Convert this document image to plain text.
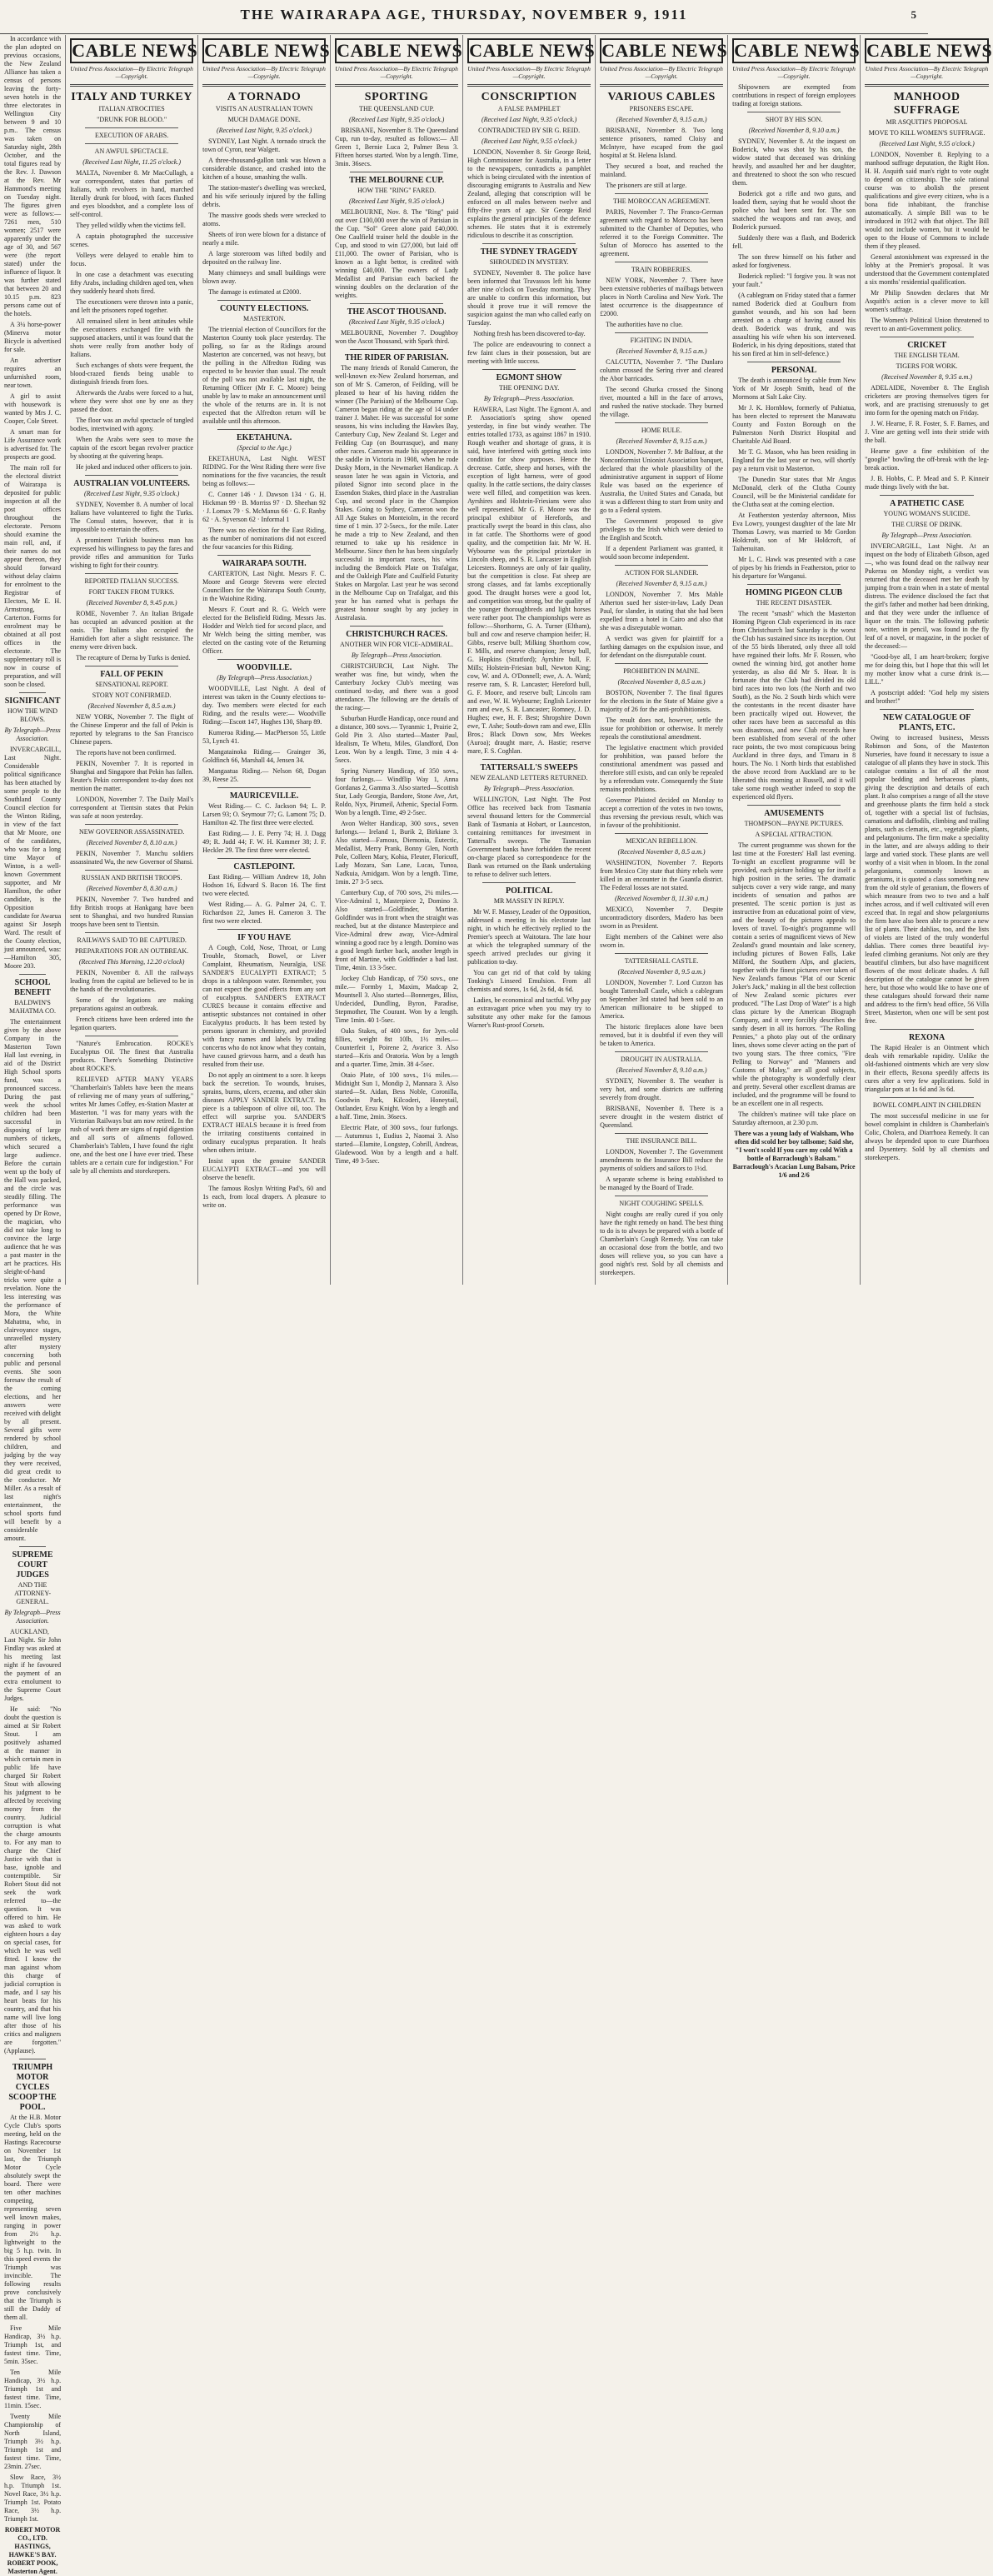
THE WAIRARAPA AGE, THURSDAY, NOVEMBER 9, 1911	5
In accordance with the plan adopted on previous occasions, the New Zealand Alliance has taken a census of persons leaving the forty-seven hotels in the three electorates in Wellington City between 9 and 10 p.m.. The census was taken on Saturday night, 28th October, and the total figures read by the Rev. J. Dawson at the Rev. Mr Hammond's meeting on Tuesday night. The figures given were as follows:—7261 men, 510 women; 2517 were apparently under the age of 30, and 567 were (the report stated) under the influence of liquor. It was further stated that between 20 and 10.15 p.m. 823 persons came out of the hotels.
A 3¼ horse-power (Minerva motor Bicycle is advertised for sale.
An advertiser requires an unfurnished room, near town.
A girl to assist with housework is wanted by Mrs J. C. Cooper, Cole Street.
A smart man for Life Assurance work is advertised for. The prospects are good.
The main roll for the electoral district of Wairarapa is deposited for public inspection at all the post offices throughout the electorate. Persons should examine the main roll, and, if their names do not appear thereon, they should forward without delay claims for enrolment to the Registrar of Electors, Mr E. H. Armstrong, Carterton. Forms for enrolment may be obtained at all post offices in the electorate. The supplementary roll is now in course of preparation, and will soon be closed.
SIGNIFICANT
HOW THE WIND BLOWS.
By Telegraph—Press Association.
INVERCARGILL, Last Night. Considerable political significance has been attached by some people to the Southland County Council election for the Winton Riding, in view of the fact that Mr Moore, one of the candidates, who was for a long time Mayor of Winton, is a well-known Government supporter, and Mr Hamilton, the other candidate, is the Opposition candidate for Awarua against Sir Joseph Ward. The result of the County election, just announced, was:—Hamilton 305, Moore 203.
SCHOOL BENEFIT
BALDWIN'S MAHATMA CO.
The entertainment given by the above Company in the Masterton Town Hall last evening, in aid of the District High School sports fund, was a pronounced success. During the past week the school children had been successful in disposing of large numbers of tickets, which secured a large audience. Before the curtain went up the body of the Hall was packed, and the circle was steadily filling. The performance was opened by Dr Rowe, the magician, who did not take long to convince the large audience that he was a past master in the art he practices. His sleight-of-hand tricks were quite a revelation. None the less interesting was the performance of Mora, the White Mahatma, who, in clairvoyance stages, unravelled mystery after mystery concerning both public and personal events. She soon foresaw the result of the coming elections, and her answers were received with delight by all present. Several gifts were rendered by school children, and judging by the way they were received, did great credit to the conductor. Mr Miller. As a result of last night's entertainment, the school sports fund will benefit by a considerable amount.
SUPREME COURT JUDGES
AND THE ATTORNEY-GENERAL.
By Telegraph—Press Association.
AUCKLAND, Last Night. Sir John Findlay was asked at his meeting last night if he favoured the payment of an extra emolument to the Supreme Court Judges.
He said: "No doubt the question is aimed at Sir Robert Stout. I am positively ashamed at the manner in which certain men in public life have charged Sir Robert Stout with allowing his judgment to be affected by receiving money from the country. Judicial corruption is what the charge amounts to. For any man to charge the Chief Justice with that is base, ignoble and contemptible. Sir Robert Stout did not seek the work referred to—the question. It was offered to him. He was asked to work eighteen hours a day on special cases, for which he was well fitted. I know the man against whom this charge of judicial corruption is made, and I say his heart beats for his country, and that his name will live long after those of his critics and maligners are forgotten." (Applause).
TRIUMPH MOTOR CYCLES SCOOP THE POOL.
At the H.B. Motor Cycle Club's sports meeting, held on the Hastings Racecourse on November 1st last, the Triumph Motor Cycle absolutely swept the board. There were ten other machines competing, representing seven well known makes, ranging in power from 2½ h.p. lightweight to the big 5 h.p. twin. In this speed events the Triumph was invincible. The following results prove conclusively that the Triumph is still the Daddy of them all.
Five Mile Handicap, 3½ h.p. Triumph 1st, and fastest time. Time, 5min. 35sec.
Ten Mile Handicap, 3½ h.p. Triumph 1st and fastest time. Time, 11min. 15sec.
Twenty Mile Championship of North Island, Triumph 3½ h.p. Triumph 1st and fastest time. Time, 23min. 27sec.
Slow Race, 3½ h.p. Triumph 1st. Novel Race, 3½ h.p. Triumph 1st. Potato Race, 3½ h.p. Triumph 1st.
ROBERT MOTOR CO., LTD. HASTINGS, HAWKE'S BAY. ROBERT POOK, Masterton Agent.
CABLE NEWS
United Press Association—By Electric Telegraph—Copyright.
ITALY AND TURKEY
ITALIAN ATROCITIES
"DRUNK FOR BLOOD."
EXECUTION OF ARABS.
AN AWFUL SPECTACLE.
(Received Last Night, 11.25 o'clock.)
MALTA, November 8. Mr MacCullagh, a war correspondent, states that parties of Italians, with revolvers in hand, marched literally drunk for blood, with faces flushed and eyes bloodshot, and a complete loss of self-control.
They yelled wildly when the victims fell.
A captain photographed the successive scenes.
Volleys were delayed to enable him to focus.
In one case a detachment was executing fifty Arabs, including children aged ten, when they suddenly heard shots fired.
The executioners were thrown into a panic, and left the prisoners roped together.
All remained silent in bent attitudes while the executioners exchanged fire with the supposed attackers, until it was found that the shots were really from another body of Italians.
Such exchanges of shots were frequent, the blood-crazed fiends being unable to distinguish friends from foes.
Afterwards the Arabs were forced to a hut, where they were shot one by one as they passed the door.
The floor was an awful spectacle of tangled bodies, intertwined with agony.
When the Arabs were seen to move the captain of the escort began revolver practice by shooting at the quivering heaps.
He joked and induced other officers to join.
AUSTRALIAN VOLUNTEERS.
(Received Last Night, 9.35 o'clock.)
SYDNEY, November 8. A number of local Italians have volunteered to fight the Turks. The Consul states, however, that it is impossible to entertain the offers.
A prominent Turkish business man has expressed his willingness to pay the fares and provide rifles and ammunition for Turks wishing to fight for their country.
REPORTED ITALIAN SUCCESS.
FORT TAKEN FROM TURKS.
(Received November 8, 9.45 p.m.)
ROME, November 7. An Italian Brigade has occupied an advanced position at the oasis. The Italians also occupied the Hamidieh fort after a slight resistance. The enemy were driven back.
The recapture of Derna by Turks is denied.
FALL OF PEKIN
SENSATIONAL REPORT.
STORY NOT CONFIRMED.
(Received November 8, 8.5 a.m.)
NEW YORK, November 7. The flight of the Chinese Emperor and the fall of Pekin is reported by telegrams to the San Francisco Chinese papers.
The reports have not been confirmed.
PEKIN, November 7. It is reported in Shanghai and Singapore that Pekin has fallen. Reuter's Pekin correspondent to-day does not mention the matter.
LONDON, November 7. The Daily Mail's correspondent at Tientsin states that Pekin was safe at noon yesterday.
NEW GOVERNOR ASSASSINATED.
(Received November 8, 8.10 a.m.)
PEKIN, November 7. Manchu soldiers assassinated Wu, the new Governor of Shansi.
RUSSIAN AND BRITISH TROOPS.
(Received November 8, 8.30 a.m.)
PEKIN, November 7. Two hundred and fifty British troops at Hankgang have been sent to Shanghai, and two hundred Russian troops have been sent to Tientsin.
RAILWAYS SAID TO BE CAPTURED.
PREPARATIONS FOR AN OUTBREAK.
(Received This Morning, 12.20 o'clock)
PEKIN, November 8. All the railways leading from the capital are believed to be in the hands of the revolutionaries.
Some of the legations are making preparations against an outbreak.
French citizens have been ordered into the legation quarters.
"Nature's Embrocation. ROCKE's Eucalyptus Oil. The finest that Australia produces. There's Something Distinctive about ROCKE'S.
RELIEVED AFTER MANY YEARS "Chamberlain's Tablets have been the means of relieving me of many years of suffering," writes Mr James Coffey, ex-Station Master at Masterton. "I was for many years with the Victorian Railways but am now retired. In the rush of work there are signs of rapid digestion and all sorts of ailments followed. Chamberlain's Tablets, I have found the right one, and the best one I have ever tried. These tablets are a certain cure for indigestion." For sale by all chemists and storekeepers.
CABLE NEWS
United Press Association—By Electric Telegraph—Copyright.
A TORNADO
VISITS AN AUSTRALIAN TOWN
MUCH DAMAGE DONE.
(Received Last Night, 9.35 o'clock.)
SYDNEY, Last Night. A tornado struck the town of Cyron, near Walgett.
A three-thousand-gallon tank was blown a considerable distance, and crashed into the kitchen of a house, smashing the walls.
The station-master's dwelling was wrecked, and his wife seriously injured by the falling debris.
The massive goods sheds were wrecked to atoms.
Sheets of iron were blown for a distance of nearly a mile.
A large storeroom was lifted bodily and deposited on the railway line.
Many chimneys and small buildings were blown away.
The damage is estimated at £2000.
COUNTY ELECTIONS.
MASTERTON.
The triennial election of Councillors for the Masterton County took place yesterday. The polling, so far as the Ridings around Masterton are concerned, was not heavy, but the polling in the Alfredton Riding was expected to be heavier than usual. The result of the poll was not available last night, the Returning Officer (Mr F. C. Moore) being unable by law to make an announcement until the whole of the returns are in. It is not expected that the Alfredton return will be available until this afternoon.
EKETAHUNA.
(Special to the Age.)
EKETAHUNA, Last Night. WEST RIDING. For the West Riding there were five nominations for the five vacancies, the result being as follows:—
C. Conner 146 · J. Dawson 134 · G. H. Hickman 99 · B. Morriss 97 · D. Sheehan 92 · J. Lomax 79 · S. McManus 66 · G. F. Ranby 62 · A. Syverson 62 · Informal 1
There was no election for the East Riding, as the number of nominations did not exceed the four vacancies for this Riding.
WAIRARAPA SOUTH.
CARTERTON, Last Night. Messrs F. C. Moore and George Stevens were elected Councillors for the Wairarapa South County, in the Waiohine Riding.
Messrs F. Court and R. G. Welch were elected for the Belisfield Riding. Messrs Jas. Hodder and Welch tied for second place, and Mr Welch being the sitting member, was elected on the casting vote of the Returning Officer.
WOODVILLE.
(By Telegraph—Press Association.)
WOODVILLE, Last Night. A deal of interest was taken in the County elections to-day. Two members were elected for each Riding, and the results were:— Woodville Riding:—Escott 147, Hughes 130, Sharp 89.
Kumeroa Riding.— MacPherson 55, Little 53, Lynch 41.
Mangatainoka Riding.— Grainger 36, Goldfinch 66, Marshall 44, Jensen 34.
Mangaatua Riding.— Nelson 68, Dogan 39, Reese 25.
MAURICEVILLE.
West Riding.— C. C. Jackson 94; L. P. Larsen 93; O. Seymour 77; G. Lamont 75; D. Hamilton 42. The first three were elected.
East Riding.— J. E. Perry 74; H. J. Dagg 49; R. Judd 44; F. W. H. Kummer 38; J. F. Heckler 29. The first three were elected.
CASTLEPOINT.
East Riding.— William Andrew 18, John Hodson 16, Edward S. Bacon 16. The first two were elected.
West Riding.— A. G. Palmer 24, C. T. Richardson 22, James H. Cameron 3. The first two were elected.
IF YOU HAVE
A Cough, Cold, Nose, Throat, or Lung Trouble, Stomach, Bowel, or Liver Complaint, Rheumatism, Neuralgia, USE SANDER'S EUCALYPTI EXTRACT; 5 drops in a tablespoon water. Remember, you can not expect the good effects from any sort of eucalyptus. SANDER'S EXTRACT CURES because it contains effective and antiseptic substances not contained in other Eucalyptus products. It has been tested by persons ignorant in chemistry, and provided with fancy names and labels by trading concerns who do not know what they contain, have caused grievous harm, and a death has resulted from their use.
Do not apply an ointment to a sore. It keeps back the secretion. To wounds, bruises, sprains, burns, ulcers, eczema, and other skin diseases APPLY SANDER EXTRACT. Its piece is a tablespoon of olive oil, too. The effect will surprise you. SANDER'S EXTRACT HEALS because it is freed from the irritating constituents contained in ordinary eucalyptus preparation. It heals when others irritate.
Insist upon the genuine SANDER EUCALYPTI EXTRACT—and you will observe the benefit.
The famous Roslyn Writing Pad's, 60 and 1s each, from local drapers. A pleasure to write on.
CABLE NEWS
United Press Association—By Electric Telegraph—Copyright.
SPORTING
THE QUEENSLAND CUP.
(Received Last Night, 9.35 o'clock.)
BRISBANE, November 8. The Queensland Cup, run to-day, resulted as follows:— All Green 1, Bernie Luca 2, Palmer Bess 3. Fifteen horses started. Won by a length. Time, 3min. 36secs.
THE MELBOURNE CUP.
HOW THE "RING" FARED.
(Received Last Night, 9.35 o'clock.)
MELBOURNE, Nov. 8. The "Ring" paid out over £100,000 over the win of Parisian in the Cup. "Sol" Green alone paid £40,000. One Caulfield trainer held the double in the Cup, and stood to win £27,000, but laid off £11,000. The owner of Parisian, who is known as a light bettor, is credited with winning £40,000. The owners of Lady Medallist and Parisian each backed the winning doubles on the declaration of the weights.
THE ASCOT THOUSAND.
(Received Last Night, 9.35 o'clock.)
MELBOURNE, November 7. Doughboy won the Ascot Thousand, with Spark third.
THE RIDER OF PARISIAN.
The many friends of Ronald Cameron, the well-known ex-New Zealand horseman, and son of Mr S. Cameron, of Feilding, will be pleased to hear of his having ridden the winner (The Parisian) of the Melbourne Cup. Cameron began riding at the age of 14 under trainer J. Maher. He was successful for some seasons, his wins including the Hawkes Bay, Canterbury Cup, New Zealand St. Leger and Feilding Cup (on Bourrasque), and many other races. Cameron made his appearance in the saddle in Victoria in 1908, when he rode Dusky Morn, in the Newmarket Handicap. A season later he was again in Victoria, and piloted Signor into second place in the Essendon Stakes, third place in the Australian Cup, and second place in the Champion Stakes. Going to Sydney, Cameron won the All Age Stakes on Monteiolm, in the record time of 1 min. 37 2-5secs., for the mile. Later he made a trip to New Zealand, and then returned to take up his residence in Melbourne. Since then he has been singularly successful in important races, his wins including the Bendoick Plate on Trafalgar, and the Oakleigh Plate and Caulfield Futurity Stakes on Margolar. Last year he was second in the Melbourne Cup on Trafalgar, and this year he has earned what is perhaps the greatest honour sought by any jockey in Australasia.
CHRISTCHURCH RACES.
ANOTHER WIN FOR VICE-ADMIRAL.
By Telegraph—Press Association.
CHRISTCHURCH, Last Night. The weather was fine, but windy, when the Canterbury Jockey Club's meeting was continued to-day, and there was a good attendance. The following are the details of the racing:—
Suburban Hurdle Handicap, once round and a distance, 300 sovs.— Tyranmic 1, Prairie 2, Gold Pin 3. Also started—Master Paul, Idealism, Te Whetu, Miles, Glandford, Don Leon. Won by a length. Time, 3 min 4 4-5secs.
Spring Nursery Handicap, of 350 sovs., four furlongs.— Windflip Way 1, Anna Gordanas 2, Gamma 3. Also started—Scottish Star, Lady Georgia, Bandore, Stone Ave, Art, Roldo, Nyx, Pirumeil, Athenic, Special Form. Won by a length. Time, 49 2-5sec.
Avon Welter Handicap, 300 sovs., seven furlongs.— Ireland 1, Burik 2, Birkiane 3. Also started—Famous, Diemonia, Eutectic, Medallist, Merry Prank, Bonny Glen, North Pole, Colleen Mary, Kohia, Fleuter, Floricuff, Lady Mozara, San Lane, Lucas, Tunoa, Nadkuia, Amidgam. Won by a length. Time, 1min. 27 3-5 secs.
Canterbury Cup, of 700 sovs, 2¼ miles.— Vice-Admiral 1, Masterpiece 2, Domino 3. Also started—Goldfinder, Martine. Goldfinder was in front when the straight was reached, but at the distance Masterpiece and Vice-Admiral drew away, Vice-Admiral winning a good race by a length. Domino was a good length further back, another length in front of Martine, with Goldfinder a bad last. Time, 4min. 13 3-5sec.
Jockey Club Handicap, of 750 sovs., one mile.— Formby 1, Maxim, Madcap 2, Mountsell 3. Also started—Bonnerges, Bliss, Undecided, Dundling, Byron, Paradise, Stepmother, The Courant. Won by a length. Time 1min. 40 1-5sec.
Oaks Stakes, of 400 sovs., for 3yrs.-old fillies, weight 8st 10lb, 1½ miles.—Counterfeit 1, Poirene 2, Avarice 3. Also started—Kris and Oratoria. Won by a length and a quarter. Time, 2min. 38 4-5sec.
Otaio Plate, of 100 sovs., 1¼ miles.—Midnight Sun 1, Mondip 2, Mannara 3. Also started—St. Aidan, Bess Noble, Coronilla, Goodwin Park, Kilcoderi, Honeytail, Outlander, Ersu Knight. Won by a length and a half. Time, 2min. 36secs.
Electric Plate, of 300 sovs., four furlongs.— Autumnus 1, Eudius 2, Naomai 3. Also started—Elamite, Longstep, Cobrill, Andreas, Gladewood. Won by a length and a half. Time, 49 3-5sec.
CABLE NEWS
United Press Association—By Electric Telegraph—Copyright.
CONSCRIPTION
A FALSE PAMPHLET
(Received Last Night, 9.35 o'clock.)
CONTRADICTED BY SIR G. REID.
(Received Last Night, 9.55 o'clock.)
LONDON, November 8. Sir George Reid, High Commissioner for Australia, in a letter to the newspapers, contradicts a pamphlet which is being circulated with the intention of discouraging emigrants to Australia and New Zealand, alleging that conscription will be enforced on all males between twelve and fifty-five years of age. Sir George Reid explains the general principles of the defence schemes. He states that it is extremely ridiculous to describe it as conscription.
THE SYDNEY TRAGEDY
SHROUDED IN MYSTERY.
SYDNEY, November 8. The police have been informed that Travassos left his home after nine o'clock on Tuesday morning. They are unable to confirm this information, but should it prove true it will remove the suspicion against the man who called early on Tuesday.
Nothing fresh has been discovered to-day.
The police are endeavouring to connect a few faint clues in their possession, but are meeting with little success.
EGMONT SHOW
THE OPENING DAY.
By Telegraph—Press Association.
HAWERA, Last Night. The Egmont A. and P. Association's spring show opened yesterday, in fine but windy weather. The entries totalled 1733, as against 1867 in 1910. Rough weather and shortage of grass, it is said, have interfered with getting stock into condition for show purposes. Hence the decrease. Cattle, sheep and horses, with the exception of light harness, were of good quality. In the cattle sections, the dairy classes were well filled, and competition was keen. Ayrshires and Holstein-Friesians were also well represented. Mr G. F. Moore was the principal exhibitor of Herefords, and practically swept the board in this class, also in fat cattle. The Shorthorns were of good quality, and the competition fair. Mr W. H. Wybourne was the principal prizetaker in Lincoln sheep, and S. R. Lancaster in English Leicesters. Romneys are only of fair quality, but the competition is close. Fat sheep are strong classes, and fat lambs exceptionally good. The draught horses were a good lot, and competition was strong, but the quality of the younger thoroughbreds and light horses were rather poor. The championships were as follow:—Shorthorns, G. A. Turner (Eltham), bull and cow and reserve champion heifer; H. Gibbs, reserve bull; Milking Shorthorn cow, F. Mills, and reserve champion; Jersey bull, G. Hopkins (Stratford); Ayrshire bull, F. Mills; Holstein-Friesian bull, Newton King; cow, W. and A. O'Donnell; ewe, A. A. Ward; reserve ram, S. R. Lancaster; Hereford bull, G. F. Moore, and reserve bull; Lincoln ram and ewe, W. H. Wybourne; English Leicester ram and ewe, S. R. Lancaster; Romney, J. D. Hughes; ewe, H. F. Best; Shropshire Down ewe, T. Ashe; South-down ram and ewe, Ellis Bros.; Black Down sow, Mrs Weekes (Auroa); draught mare, A. Hastie; reserve mare, F. S. Coghlan.
TATTERSALL'S SWEEPS
NEW ZEALAND LETTERS RETURNED.
By Telegraph—Press Association.
WELLINGTON, Last Night. The Post Office has received back from Tasmania several thousand letters for the Commercial Bank of Tasmania at Hobart, or Launceston, containing remittances for investment in Tattersall's sweeps. The Tasmanian Government banks have forbidden the recent on-charge placed so correspondence for the Bank was returned on the Bank undertaking to refuse to deliver such letters.
POLITICAL
MR MASSEY IN REPLY.
Mr W. F. Massey, Leader of the Opposition, addressed a meeting in his electorate last night, in which he effectively replied to the Premier's speech at Waitotara. The late hour at which the telegraphed summary of the speech arrived precludes our giving it publication to-day.
You can get rid of that cold by taking Tonking's Linseed Emulsion. From all chemists and stores, 1s 6d, 2s 6d, 4s 6d.
Ladies, be economical and tactful. Why pay an extravagant price when you may try to substitute any other make for the famous Warner's Rust-proof Corsets.
CABLE NEWS
United Press Association—By Electric Telegraph—Copyright.
VARIOUS CABLES
PRISONERS ESCAPE.
(Received November 8, 9.15 a.m.)
BRISBANE, November 8. Two long sentence prisoners, named Cloisy and McIntyre, have escaped from the gaol hospital at St. Helena Island.
They secured a boat, and reached the mainland.
The prisoners are still at large.
THE MOROCCAN AGREEMENT.
PARIS, November 7. The Franco-German agreement with regard to Morocco has been submitted to the Chamber of Deputies, who referred it to the Foreign Committee. The Sultan of Morocco has assented to the agreement.
TRAIN ROBBERIES.
NEW YORK, November 7. There have been extensive robberies of mailbags between places in North Carolina and New York. The latest occurrence is the disappearance of £2000.
The authorities have no clue.
FIGHTING IN INDIA.
(Received November 8, 9.15 a.m.)
CALCUTTA, November 7. "The Dunlaro column crossed the Sering river and cleared the Abor barricades.
The second Ghurka crossed the Sinong river, mounted a hill in the face of arrows, and rushed the native stockade. They burned the village.
HOME RULE.
(Received November 8, 9.15 a.m.)
LONDON, November 7. Mr Balfour, at the Nonconformist Unionist Association banquet, declared that the whole plausibility of the administrative argument in support of Home Rule was based on the experience of Australia, the United States and Canada, but it was a different thing to start from unity and go to a Federal system.
The Government proposed to give privileges to the Irish which were denied to the English and Scotch.
If a dependent Parliament was granted, it would soon become independent.
ACTION FOR SLANDER.
(Received November 8, 9.15 a.m.)
LONDON, November 7. Mrs Mable Atherton sued her sister-in-law, Lady Dean Paul, for slander, in stating that she had been expelled from a hotel in Cairo and also that she was a disreputable woman.
A verdict was given for plaintiff for a farthing damages on the expulsion issue, and for defendant on the disreputable count.
PROHIBITION IN MAINE.
(Received November 8, 8.5 a.m.)
BOSTON, November 7. The final figures for the elections in the State of Maine give a majority of 26 for the anti-prohibitionists.
The result does not, however, settle the issue for prohibition or otherwise. It merely repeals the constitutional amendment.
The legislative enactment which provided for prohibition, was passed before the constitutional amendment was passed and therefore still exists, and can only be repealed by a referendum vote. Consequently the State remains prohibitions.
Governor Plaisted decided on Monday to accept a correction of the votes in two towns, thus reversing the previous result, which was in favour of the prohibitionist.
MEXICAN REBELLION.
(Received November 8, 8.5 a.m.)
WASHINGTON, November 7. Reports from Mexico City state that thirty rebels were killed in an encounter in the Guantla district. The Federal losses are not stated.
(Received November 8, 11.30 a.m.)
MEXICO, November 7. Despite uncontradictory disorders, Madero has been sworn in as President.
Eight members of the Cabinet were also sworn in.
TATTERSHALL CASTLE.
(Received November 8, 9.5 a.m.)
LONDON, November 7. Lord Curzon has bought Tattershall Castle, which a cablegram on September 3rd stated had been sold to an American millionaire to be shipped to America.
The historic fireplaces alone have been removed, but it is doubtful if even they will be taken to America.
DROUGHT IN AUSTRALIA.
(Received November 8, 9.10 a.m.)
SYDNEY, November 8. The weather is very hot, and some districts are suffering severely from drought.
BRISBANE, November 8. There is a severe drought in the western district of Queensland.
THE INSURANCE BILL.
LONDON, November 7. The Government amendments to the Insurance Bill reduce the payments of soldiers and sailors to 1½d.
A separate scheme is being established to be managed by the Board of Trade.
NIGHT COUGHING SPELLS.
Night coughs are really cured if you only have the right remedy on hand. The best thing to do is to always be prepared with a bottle of Chamberlain's Cough Remedy. You can take an occasional dose from the bottle, and two doses will relieve you, so you can have a good night's rest. Sold by all chemists and storekeepers.
CABLE NEWS
United Press Association—By Electric Telegraph—Copyright.
Shipowners are exempted from contributions in respect of foreign employees trading at foreign stations.
SHOT BY HIS SON.
(Received November 8, 9.10 a.m.)
SYDNEY, November 8. At the inquest on Boderick, who was shot by his son, the widow stated that deceased was drinking heavily, and assaulted her and her daughter, and threatened to shoot the son who rescued them.
Boderick got a rifle and two guns, and loaded them, saying that he would shoot the police who had been sent for. The son snatched the weapons and ran away, and Boderick pursued.
Suddenly there was a flash, and Boderick fell.
The son threw himself on his father and asked for forgiveness.
Boderick replied: "I forgive you. It was not your fault."
(A cablegram on Friday stated that a farmer named Boderick died at Goulburn from gunshot wounds, and his son had been arrested on a charge of having caused his death. Boderick was drunk, and was assaulting his wife when his son intervened. Boderick, in his dying depositions, stated that his son fired at him in self-defence.)
PERSONAL
The death is announced by cable from New York of Mr Joseph Smith, head of the Mormons at Salt Lake City.
Mr J. K. Hornblow, formerly of Pahiatua, has been elected to represent the Manawatu County and Foxton Borough on the Palmerston North District Hospital and Charitable Aid Board.
Mr T. G. Mason, who has been residing in England for the last year or two, will shortly pay a return visit to Masterton.
The Dunedin Star states that Mr Angus McDonald, clerk of the Clutha County Council, will be the Ministerial candidate for the Clutha seat at the coming election.
At Featherston yesterday afternoon, Miss Eva Lowry, youngest daughter of the late Mr Thomas Lowry, was married to Mr Gordon Holdcroft, son of Mr Holdcroft, of Taihenuitan.
Mr L. C. Hawk was presented with a case of pipes by his friends in Featherston, prior to his departure for Wanganui.
HOMING PIGEON CLUB
THE RECENT DISASTER.
The recent "smash" which the Masterton Homing Pigeon Club experienced in its race from Christchurch last Saturday is the worst the Club has sustained since its inception. Out of the 55 birds liberated, only three all told have regained their lofts. Mr F. Rossen, who owned the winning bird, got another home yesterday, as also did Mr S. Hoar. It is fortunate that the Club had divided its old bird races into two lots (the North and two South), as the No. 2 South birds which were the contestants in the recent disaster have been practically wiped out. However, the other races have been as successful as this was disastrous, and new Club records have been established from several of the other race points, the two most conspicuous being Auckland in three days, and Timaru in 8 hours. The No. 1 North birds that established the above record from Auckland are to be liberated this morning at Russell, and it will take some rough weather indeed to stop the experienced old flyers.
AMUSEMENTS
THOMPSON—PAYNE PICTURES.
A SPECIAL ATTRACTION.
The current programme was shown for the last time at the Foresters' Hall last evening. To-night an excellent programme will be provided, each picture holding up for itself a high position in the series. The dramatic subjects cover a very wide range, and many incidents of sensation and pathos are presented. The scenic portion is just as instructive from an educational point of view, and the beauty of the pictures appeals to lovers of travel. To-night's programme will contain a series of magnificent views of New Zealand's grand mountain and lake scenery, including pictures of Bowen Falls, Lake Milford, the Southern Alps, and glaciers, together with the finest pictures ever taken of New Zealand's famous "Plat of our Scenic Joker's Jack," making in all the best collection of New Zealand scenic pictures ever produced. "The Last Drop of Water" is a high class picture by the American Biograph Company, and it very forcibly describes the sandy desert in all its horrors. "The Rolling Pennies," a photo play out of the ordinary lines, shows some clever acting on the part of two young stars. The three comics, "Fire Pelling to Norway" and "Manners and Customs of Malay," are all good subjects, while the photography is wonderfully clear and pretty. Several other excellent dramas are included, and the programme will be found to be an excellent one in all respects.
The children's matinee will take place on Saturday afternoon, at 2.30 p.m.
There was a young lady of Walsham, Who often did scold her boy tallsome; Said she, "I won't scold If you care my cold With a bottle of Barraclough's Balsam." Barraclough's Acacian Lung Balsam, Price 1/6 and 2/6
CABLE NEWS
United Press Association—By Electric Telegraph—Copyright.
MANHOOD SUFFRAGE
MR ASQUITH'S PROPOSAL
MOVE TO KILL WOMEN'S SUFFRAGE.
(Received Last Night, 9.55 o'clock.)
LONDON, November 8. Replying to a manhood suffrage deputation, the Right Hon. H. H. Asquith said man's right to vote ought to depend on citizenship. The sole rational course was to abolish the present qualifications and give every citizen, who is a bona fide inhabitant, the franchise automatically. A simple Bill was to be introduced in 1912 with that object. The Bill would not include women, but it would be open to the House of Commons to include them if they pleased.
General astonishment was expressed in the lobby at the Premier's proposal. It was understood that the Government contemplated a six months' residential qualification.
Mr Philip Snowden declares that Mr Asquith's action is a clever move to kill women's suffrage.
The Women's Political Union threatened to revert to an anti-Government policy.
CRICKET
THE ENGLISH TEAM.
TIGERS FOR WORK.
(Received November 8, 9.35 a.m.)
ADELAIDE, November 8. The English cricketers are proving themselves tigers for work, and are practising strenuously to get into form for the opening match on Friday.
J. W. Hearne, F. R. Foster, S. F. Barnes, and J. Vine are getting well into their stride with the ball.
Hearne gave a fine exhibition of the "googlie" bowling the off-break with the leg-break action.
J. B. Hobbs, C. P. Mead and S. P. Kinneir made things lively with the bat.
A PATHETIC CASE
YOUNG WOMAN'S SUICIDE.
THE CURSE OF DRINK.
By Telegraph—Press Association.
INVERCARGILL, Last Night. At an inquest on the body of Elizabeth Gibson, aged —, who was found dead on the railway near Pukerau on Monday night, a verdict was returned that the deceased met her death by jumping from a train when in a state of mental distress. The evidence disclosed the fact that the girl's father and mother had been drinking, and that they were under the influence of liquor on the train. The following pathetic note, written in pencil, was found in the fly leaf of a novel, or magazine, in the pocket of the deceased:—
"Good-bye all, I am heart-broken; forgive me for doing this, but I hope that this will let my mother know what a curse drink is.—LILL."
A postscript added: "God help my sisters and brother!"
NEW CATALOGUE OF PLANTS, ETC.
Owing to increased business, Messrs Robinson and Sons, of the Masterton Nurseries, have found it necessary to issue a catalogue of all plants they have in stock. This catalogue contains a list of all the most popular bedding and herbaceous plants, giving the description and details of each plant. It also comprises a range of all the stove and greenhouse plants the firm hold a stock of, together with a special list of fuchsias, carnations and daffodils, climbing and trailing plants, such as clematis, etc., vegetable plants, and pelargoniums. The firm make a speciality in the latter, and are always adding to their large and varied stock. These plants are well worthy of a visit when in bloom. In the zonal pelargoniums, commonly known as geraniums, it is quoted a class something new from the old style of geranium, the flowers of which measure from two to two and a half inches across, and if well cultivated will even exceed that. In regal and show pelargoniums the firm have also been able to procure a new list of plants. Their dahlias, too, and the lists of violets are listed of the truly wonderful dahlias. There comes three beautiful ivy-leafed climbing geraniums. Not only are they beautiful climbers, but also have magnificent flowers of the most delicate shades. A full description of the catalogue cannot be given here, but those who would like to have one of these catalogues should forward their name and address to the firm's head office, 56 Villa Street, Masterton, when one will be sent post free.
REXONA
The Rapid Healer is an Ointment which deals with remarkable rapidity. Unlike the old-fashioned ointments which are very slow in their effects, Rexona speedily affects its cures after a very few applications. Sold in triangular pots at 1s 6d and 3s 6d.
BOWEL COMPLAINT IN CHILDREN
The most successful medicine in use for bowel complaint in children is Chamberlain's Colic, Cholera, and Diarrhoea Remedy. It can always be depended upon to cure Diarrhoea and Dysentery. Sold by all chemists and storekeepers.
